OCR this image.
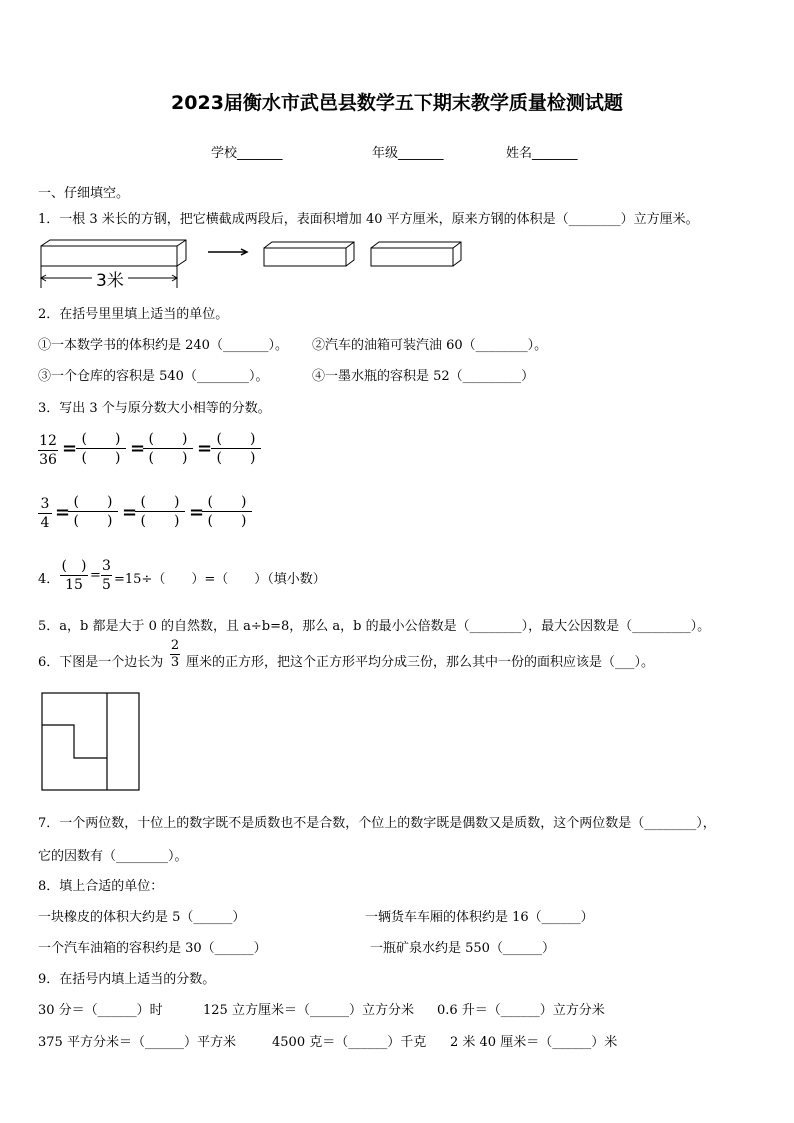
2023届衡水市武邑县数学五下期末教学质量检测试题
学校_______	年级_______	姓名_______
一、仔细填空。
1．一根 3 米长的方钢，把它横截成两段后，表面积增加 40 平方厘米，原来方钢的体积是（________）立方厘米。
3米
2．在括号里里填上适当的单位。
①一本数学书的体积约是 240（_______）。 ②汽车的油箱可装汽油 60（________）。
③一个仓库的容积是 540（________）。	④一墨水瓶的容积是 52（_________）
3．写出 3 个与原分数大小相等的分数。
12
36
= (　　)
(　　) = (　　)
(　　) = (　　)
(　　)
3
4 = (　　)
(　　) = (　　)
(　　) = (　　)
(　　)
4．
(　)
15
=
3
5 =15÷（　　）=（　　）（填小数）
5．a，b 都是大于 0 的自然数，且 a÷b=8，那么 a，b 的最小公倍数是（________），最大公因数是（_________）。
6．下图是一个边长为
2
3 厘米的正方形，把这个正方形平均分成三份，那么其中一份的面积应该是（___）。
7．一个两位数，十位上的数字既不是质数也不是合数，个位上的数字既是偶数又是质数，这个两位数是（________），
它的因数有（________）。
8．填上合适的单位：
一块橡皮的体积大约是 5（______）	一辆货车车厢的体积约是 16（______）
一个汽车油箱的容积约是 30（______）	一瓶矿泉水约是 550（______）
9．在括号内填上适当的分数。
30 分＝（______）时	125 立方厘米＝（______）立方分米 0.6 升＝（______）立方分米
375 平方分米＝（______）平方米	4500 克＝（______）千克 2 米 40 厘米＝（______）米
